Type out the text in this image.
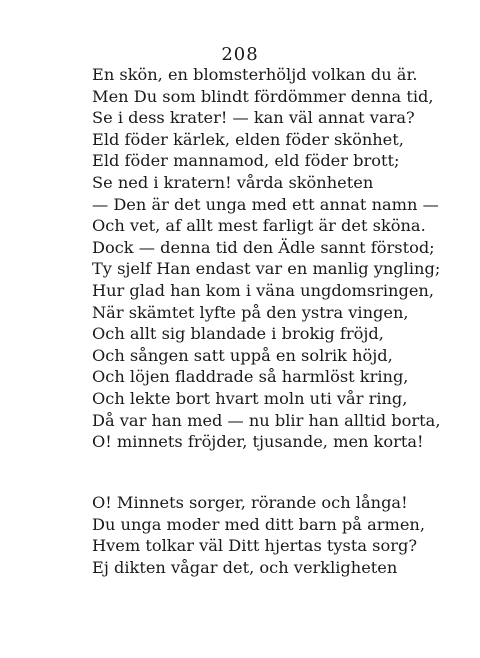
208
En skön, en blomsterhöljd volkan du är.
Men Du som blindt fördömmer denna tid,
Se i dess krater! — kan väl annat vara?
Eld föder kärlek, elden föder skönhet,
Eld föder mannamod, eld föder brott;
Se ned i kratern! vårda skönheten
— Den är det unga med ett annat namn —
Och vet, af allt mest farligt är det sköna.
Dock — denna tid den Ädle sannt förstod;
Ty sjelf Han endast var en manlig yngling;
Hur glad han kom i väna ungdomsringen,
När skämtet lyfte på den ystra vingen,
Och allt sig blandade i brokig fröjd,
Och sången satt uppå en solrik höjd,
Och löjen fladdrade så harmlöst kring,
Och lekte bort hvart moln uti vår ring,
Då var han med — nu blir han alltid borta,
O! minnets fröjder, tjusande, men korta!
O! Minnets sorger, rörande och långa!
Du unga moder med ditt barn på armen,
Hvem tolkar väl Ditt hjertas tysta sorg?
Ej dikten vågar det, och verkligheten
